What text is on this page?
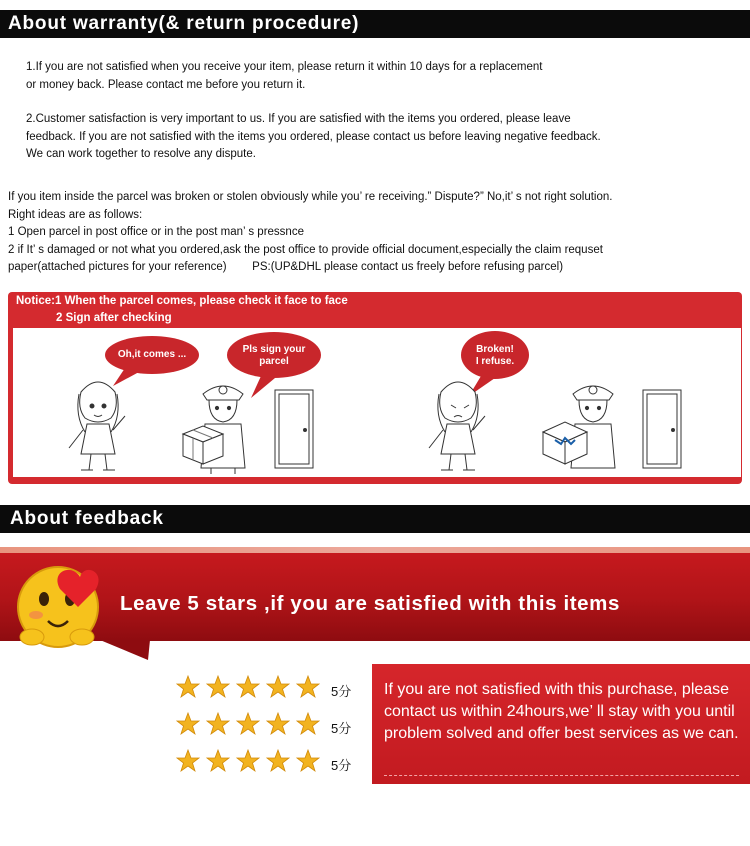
About warranty(& return procedure)
1.If you are not satisfied when you receive your item, please return it within 10 days for a replacement
or money back. Please contact me before you return it.
2.Customer satisfaction is very important to us. If you are satisfied with the items you ordered, please leave
feedback. If you are not satisfied with the items you ordered, please contact us before leaving negative feedback.
We can work together to resolve any dispute.
If you item inside the parcel was broken or stolen obviously while you’ re receiving.” Dispute?” No,it’ s not right solution.
Right ideas are as follows:
1 Open parcel in post office or in the post man’ s pressnce
2 if It’ s damaged or not what you ordered,ask the post office to provide official document,especially the claim requset
paper(attached pictures for your reference)        PS:(UP&DHL please contact us freely before refusing parcel)
Notice:1 When the parcel comes, please check it face to face
2 Sign after checking
Oh,it comes ...	Pls sign your
parcel
Broken!
I refuse.
About feedback
Leave 5 stars ,if you are satisfied with this items
5分
5分
5分
If you are not satisfied with this purchase, please contact us within 24hours,we’ ll stay with you until problem solved and offer best services as we can.
